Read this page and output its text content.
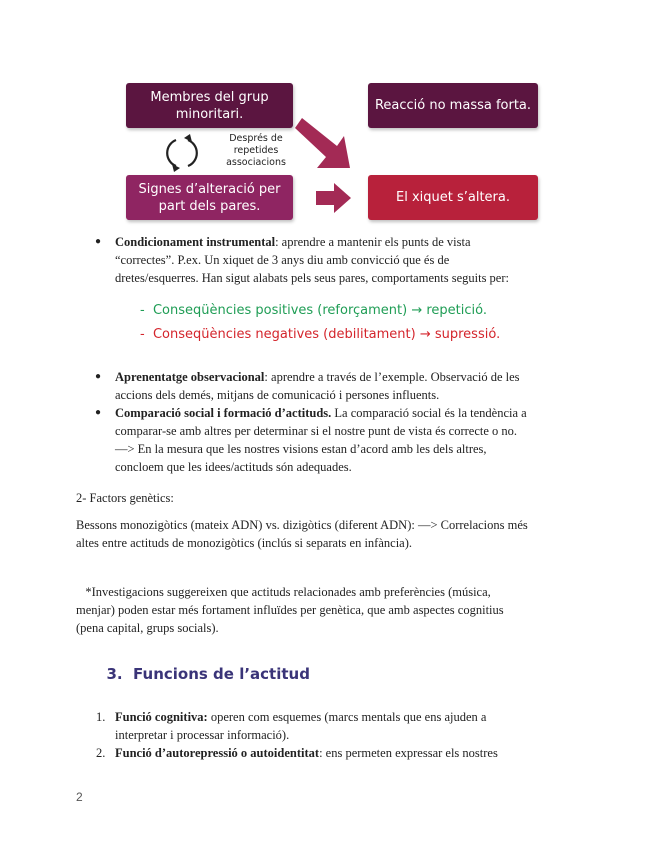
Membres del grup minoritari.
Reacció no massa forta.
Signes d’alteració per part dels pares.
El xiquet s’altera.
Després de repetides associacions
● Condicionament instrumental: aprendre a mantenir els punts de vista
“correctes”. P.ex. Un xiquet de 3 anys diu amb convicció que és de
dretes/esquerres. Han sigut alabats pels seus pares, comportaments seguits per:
- Conseqüències positives (reforçament) → repetició.
- Conseqüències negatives (debilitament) → supressió.
● Aprenentatge observacional: aprendre a través de l’exemple. Observació de les
accions dels demés, mitjans de comunicació i persones influents.
● Comparació social i formació d’actituds. La comparació social és la tendència a
comparar-se amb altres per determinar si el nostre punt de vista és correcte o no.
—> En la mesura que les nostres visions estan d’acord amb les dels altres,
concloem que les idees/actituds són adequades.
2- Factors genètics:
Bessons monozigòtics (mateix ADN) vs. dizigòtics (diferent ADN): —> Correlacions més
altes entre actituds de monozigòtics (inclús si separats en infància).

*Investigacions suggereixen que actituds relacionades amb preferències (música,
menjar) poden estar més fortament influïdes per genètica, que amb aspectes cognitius
(pena capital, grups socials).

3.  Funcions de l’actitud

1. Funció cognitiva: operen com esquemes (marcs mentals que ens ajuden a
interpretar i processar informació).
2. Funció d’autorepressió o autoidentitat: ens permeten expressar els nostres
2
